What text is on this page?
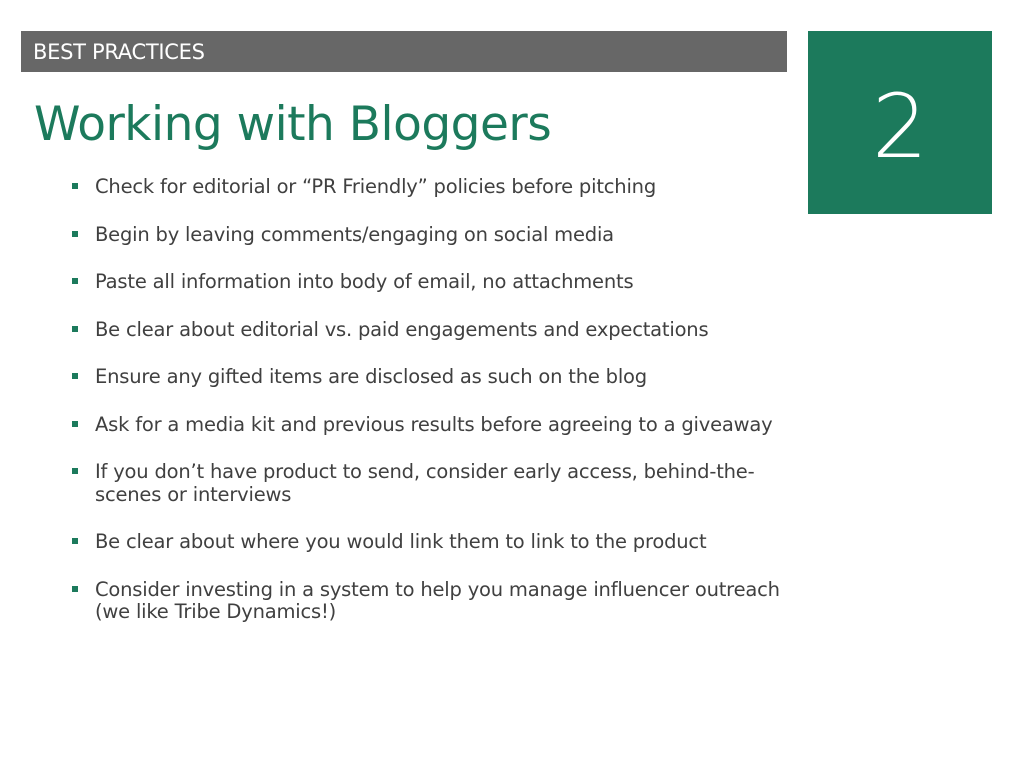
BEST PRACTICES
2
Working with Bloggers
Check for editorial or “PR Friendly” policies before pitching
Begin by leaving comments/engaging on social media
Paste all information into body of email, no attachments
Be clear about editorial vs. paid engagements and expectations
Ensure any gifted items are disclosed as such on the blog
Ask for a media kit and previous results before agreeing to a giveaway
If you don’t have product to send, consider early access, behind-the-scenes or interviews
Be clear about where you would link them to link to the product
Consider investing in a system to help you manage influencer outreach (we like Tribe Dynamics!)
